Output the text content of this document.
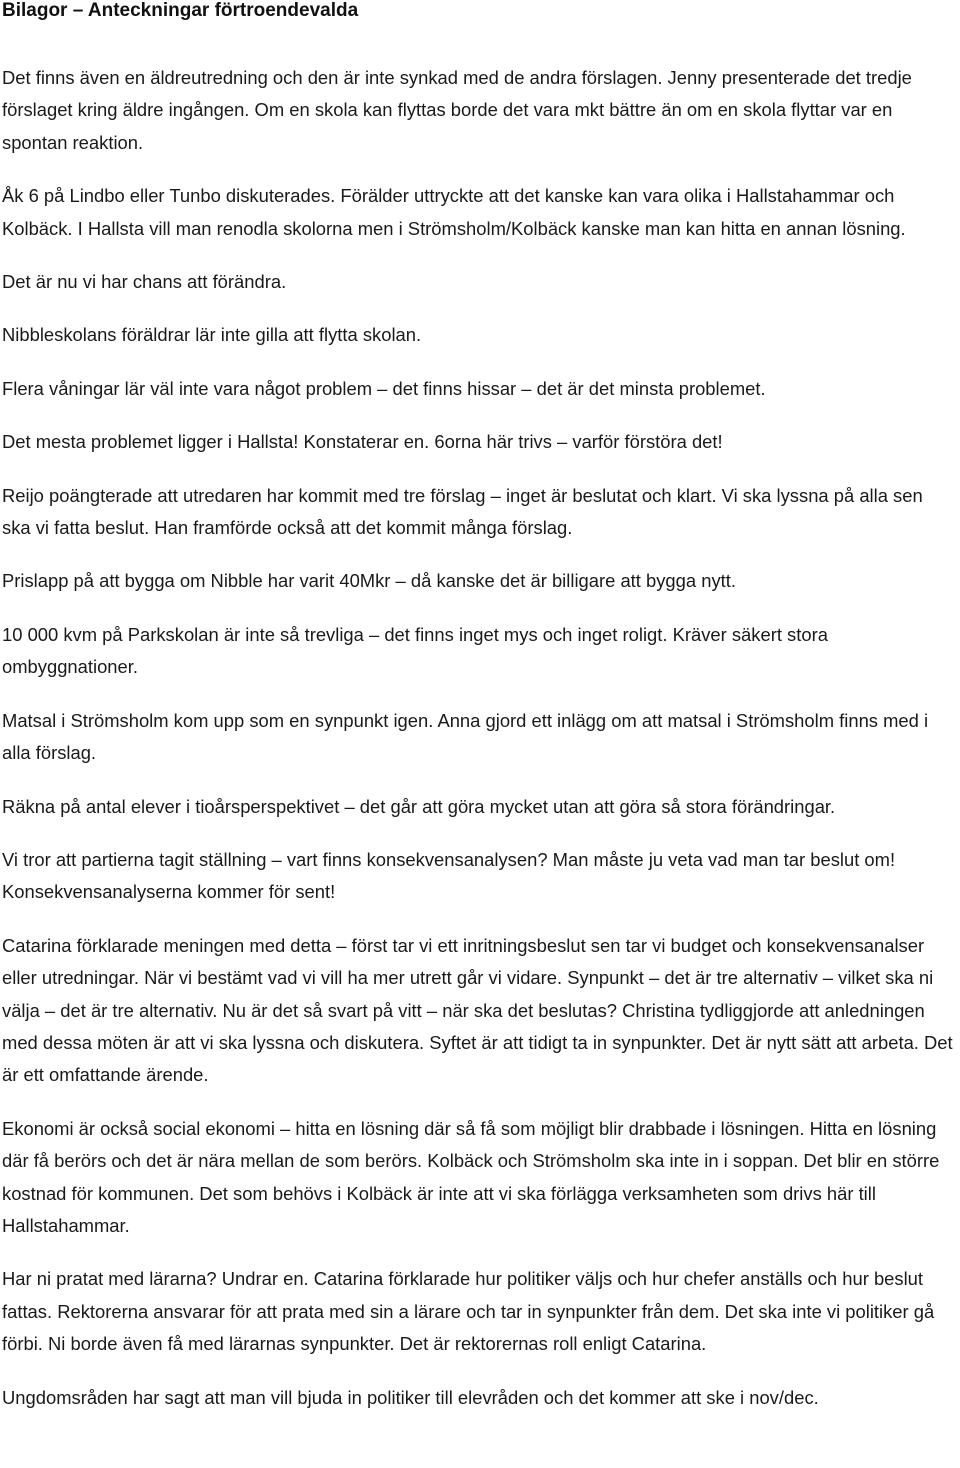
Bilagor – Anteckningar förtroendevalda

Det finns även en äldreutredning och den är inte synkad med de andra förslagen. Jenny presenterade det tredje förslaget kring äldre ingången. Om en skola kan flyttas borde det vara mkt bättre än om en skola flyttar var en spontan reaktion.

Åk 6 på Lindbo eller Tunbo diskuterades. Förälder uttryckte att det kanske kan vara olika i Hallstahammar och Kolbäck. I Hallsta vill man renodla skolorna men i Strömsholm/Kolbäck kanske man kan hitta en annan lösning.

Det är nu vi har chans att förändra.

Nibbleskolans föräldrar lär inte gilla att flytta skolan.

Flera våningar lär väl inte vara något problem – det finns hissar – det är det minsta problemet.

Det mesta problemet ligger i Hallsta! Konstaterar en. 6orna här trivs – varför förstöra det!

Reijo poängterade att utredaren har kommit med tre förslag – inget är beslutat och klart. Vi ska lyssna på alla sen ska vi fatta beslut. Han framförde också att det kommit många förslag.

Prislapp på att bygga om Nibble har varit 40Mkr – då kanske det är billigare att bygga nytt.

10 000 kvm på Parkskolan är inte så trevliga – det finns inget mys och inget roligt. Kräver säkert stora ombyggnationer.

Matsal i Strömsholm kom upp som en synpunkt igen. Anna gjord ett inlägg om att matsal i Strömsholm finns med i alla förslag.

Räkna på antal elever i tioårsperspektivet – det går att göra mycket utan att göra så stora förändringar.

Vi tror att partierna tagit ställning – vart finns konsekvensanalysen? Man måste ju veta vad man tar beslut om! Konsekvensanalyserna kommer för sent!

Catarina förklarade meningen med detta – först tar vi ett inritningsbeslut sen tar vi budget och konsekvensanalser eller utredningar. När vi bestämt vad vi vill ha mer utrett går vi vidare. Synpunkt – det är tre alternativ – vilket ska ni välja – det är tre alternativ. Nu är det så svart på vitt – när ska det beslutas? Christina tydliggjorde att anledningen med dessa möten är att vi ska lyssna och diskutera. Syftet är att tidigt ta in synpunkter. Det är nytt sätt att arbeta. Det är ett omfattande ärende.

Ekonomi är också social ekonomi – hitta en lösning där så få som möjligt blir drabbade i lösningen. Hitta en lösning där få berörs och det är nära mellan de som berörs. Kolbäck och Strömsholm ska inte in i soppan. Det blir en större kostnad för kommunen. Det som behövs i Kolbäck är inte att vi ska förlägga verksamheten som drivs här till Hallstahammar.

Har ni pratat med lärarna? Undrar en. Catarina förklarade hur politiker väljs och hur chefer anställs och hur beslut fattas. Rektorerna ansvarar för att prata med sin a lärare och tar in synpunkter från dem. Det ska inte vi politiker gå förbi. Ni borde även få med lärarnas synpunkter. Det är rektorernas roll enligt Catarina.

Ungdomsråden har sagt att man vill bjuda in politiker till elevråden och det kommer att ske i nov/dec.
